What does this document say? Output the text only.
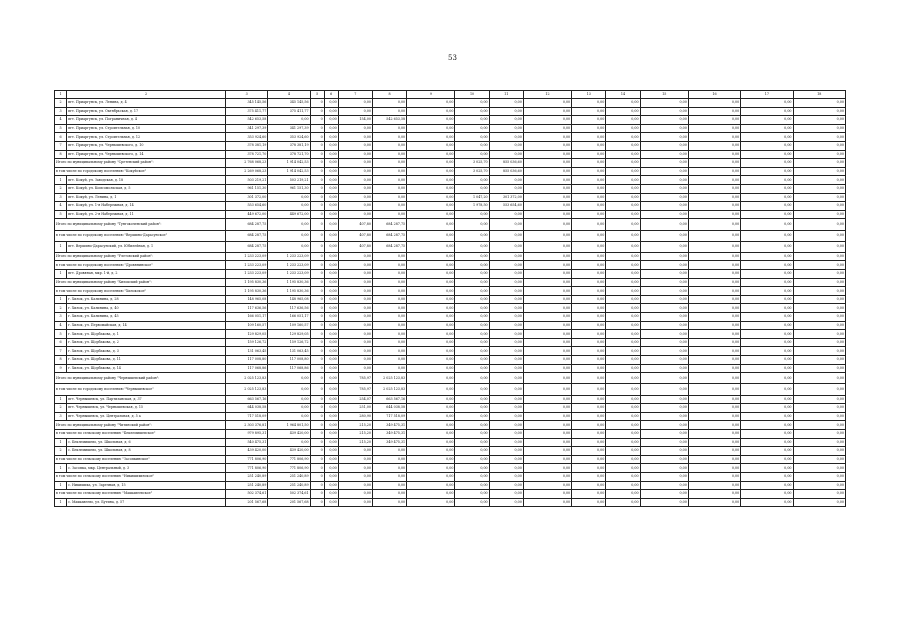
53
1	2	3	4	5	6	7	8	9	10	11	12	13	14	15	16	17	18
2	пгт. Приаргунск, ул. Ленина, д. 4	345 145,56	345 145,56	0	0,00	0,00	0,00	0,00	0,00	0,00	0,00	0,00	0,00	0,00	0,00	0,00	0,00
3	пгт. Приаргунск, ул. Октябрьская, д. 17	375 411,77	375 411,77	0	0,00	0,00	0,00	0,00	0,00	0,00	0,00	0,00	0,00	0,00	0,00	0,00	0,00
4	пгт. Приаргунск, ул. Пограничная, д. 4	542 653,58	0,00	0	0,00	154,00	542 653,58	0,00	0,00	0,00	0,00	0,00	0,00	0,00	0,00	0,00	0,00
5	пгт. Приаргунск, ул. Строительная, д. 10	341 297,39	341 297,39	0	0,00	0,00	0,00	0,00	0,00	0,00	0,00	0,00	0,00	0,00	0,00	0,00	0,00
6	пгт. Приаргунск, ул. Строительная, д. 12	353 924,60	353 924,60	0	0,00	0,00	0,00	0,00	0,00	0,00	0,00	0,00	0,00	0,00	0,00	0,00	0,00
7	пгт. Приаргунск, ул. Чернышевского, д. 10	378 381,19	378 381,19	0	0,00	0,00	0,00	0,00	0,00	0,00	0,00	0,00	0,00	0,00	0,00	0,00	0,00
8	пгт. Приаргунск, ул. Чернышевского, д. 14	378 721,70	378 721,70	0	0,00	0,00	0,00	0,00	0,00	0,00	0,00	0,00	0,00	0,00	0,00	0,00	0,00
Итого по муниципальному району "Сретенский район":		2 768 068,23	1 914 042,53	0	0,00	0,00	0,00	0,00	3 025,70	855 036,60	0,00	0,00	0,00	0,00	0,00	0,00	0,00
в том числе по городскому поселению "Кокуйское"		2 269 068,23	1 914 042,53	0	0,00	0,00	0,00	0,00	3 025,70	855 036,60	0,00	0,00	0,00	0,00	0,00	0,00	0,00
1	пгт. Кокуй, ул. Заводская, д. 18	503 219,21	503 219,21	0	0,00	0,00	0,00	0,00	0,00	0,00	0,00	0,00	0,00	0,00	0,00	0,00	0,00
2	пгт. Кокуй, ул. Комсомольская, д. 5	961 151,30	961 151,30	0	0,00	0,00	0,00	0,00	0,00	0,00	0,00	0,00	0,00	0,00	0,00	0,00	0,00
3	пгт. Кокуй, ул. Ленина, д. 1	301 372,00	0,00	0	0,00	0,00	0,00	0,00	1 047,20	301 372,00	0,00	0,00	0,00	0,00	0,00	0,00	0,00
4	пгт. Кокуй, ул. 1-я Набережная, д. 14	553 654,60	0,00	0	0,00	0,00	0,00	0,00	1 978,50	553 654,60	0,00	0,00	0,00	0,00	0,00	0,00	0,00
5	пгт. Кокуй, ул. 2-я Набережная, д. 11	449 672,00	449 672,00	0	0,00	0,00	0,00	0,00	0,00	0,00	0,00	0,00	0,00	0,00	0,00	0,00	0,00
Итого по муниципальному району "Тунгокоченский район":		684 287,75	0,00	0	0,00	407,80	684 287,75	0,00	0,00	0,00	0,00	0,00	0,00	0,00	0,00	0,00	0,00
в том числе по городскому поселению "Вершино-Дарасунское"		684 287,75	0,00	0	0,00	407,80	684 287,75	0,00	0,00	0,00	0,00	0,00	0,00	0,00	0,00	0,00	0,00
1	пгт. Вершино-Дарасунский, ул. Юбилейная, д. 1	684 287,75	0,00	0	0,00	407,80	684 287,75	0,00	0,00	0,00	0,00	0,00	0,00	0,00	0,00	0,00	0,00
Итого по муниципальному району "Улетовский район":		1 233 223,09	1 233 223,09	0	0,00	0,00	0,00	0,00	0,00	0,00	0,00	0,00	0,00	0,00	0,00	0,00	0,00
в том числе по городскому поселению "Дровянинское"		1 233 223,09	1 233 223,09	0	0,00	0,00	0,00	0,00	0,00	0,00	0,00	0,00	0,00	0,00	0,00	0,00	0,00
1	пгт. Дровяная, мкр. 1-й, д. 2	1 233 223,09	1 233 223,09	0	0,00	0,00	0,00	0,00	0,00	0,00	0,00	0,00	0,00	0,00	0,00	0,00	0,00
Итого по муниципальному району "Хилокский район":		1 195 830,36	1 195 830,36	0	0,00	0,00	0,00	0,00	0,00	0,00	0,00	0,00	0,00	0,00	0,00	0,00	0,00
в том числе по городскому поселению "Хилокское"		1 195 830,36	1 195 830,36	0	0,00	0,00	0,00	0,00	0,00	0,00	0,00	0,00	0,00	0,00	0,00	0,00	0,00
1	г. Хилок, ул. Калинина, д. 28	148 965,08	148 965,08	0	0,00	0,00	0,00	0,00	0,00	0,00	0,00	0,00	0,00	0,00	0,00	0,00	0,00
2	г. Хилок, ул. Калинина, д. 40	117 636,56	117 636,56	0	0,00	0,00	0,00	0,00	0,00	0,00	0,00	0,00	0,00	0,00	0,00	0,00	0,00
3	г. Хилок, ул. Калинина, д. 45	166 051,17	166 051,17	0	0,00	0,00	0,00	0,00	0,00	0,00	0,00	0,00	0,00	0,00	0,00	0,00	0,00
4	г. Хилок, ул. Первомайская, д. 14	109 160,57	109 160,57	0	0,00	0,00	0,00	0,00	0,00	0,00	0,00	0,00	0,00	0,00	0,00	0,00	0,00
5	г. Хилок, ул. Щорбакова, д. 1	129 829,05	129 829,05	0	0,00	0,00	0,00	0,00	0,00	0,00	0,00	0,00	0,00	0,00	0,00	0,00	0,00
6	г. Хилок, ул. Щорбакова, д. 2	159 126,72	159 126,72	0	0,00	0,00	0,00	0,00	0,00	0,00	0,00	0,00	0,00	0,00	0,00	0,00	0,00
7	г. Хилок, ул. Щорбакова, д. 3	131 063,45	131 063,45	0	0,00	0,00	0,00	0,00	0,00	0,00	0,00	0,00	0,00	0,00	0,00	0,00	0,00
8	г. Хилок, ул. Щорбакова, д. 11	117 008,80	117 008,80	0	0,00	0,00	0,00	0,00	0,00	0,00	0,00	0,00	0,00	0,00	0,00	0,00	0,00
9	г. Хилок, ул. Щорбакова, д. 14	117 068,86	117 068,86	0	0,00	0,00	0,00	0,00	0,00	0,00	0,00	0,00	0,00	0,00	0,00	0,00	0,00
Итого по муниципальному району "Чернышевский район":		2 025 123,83	0,00	0	0,00	785,97	2 025 123,83	0,00	0,00	0,00	0,00	0,00	0,00	0,00	0,00	0,00	0,00
в том числе по городскому поселению "Чернышевское"		2 025 123,83	0,00	0	0,00	785,97	2 025 123,83	0,00	0,00	0,00	0,00	0,00	0,00	0,00	0,00	0,00	0,00
1	пгт. Чернышевск, ул. Партизанская, д. 37	663 567,16	0,00	0	0,00	254,07	663 567,16	0,00	0,00	0,00	0,00	0,00	0,00	0,00	0,00	0,00	0,00
2	пгт. Чернышевск, ул. Чернышевская, д. 15	644 038,58	0,00	0	0,00	251,00	644 038,58	0,00	0,00	0,00	0,00	0,00	0,00	0,00	0,00	0,00	0,00
3	пгт. Чернышевск, ул. Центральная, д. 5 а	717 518,09	0,00	0	0,00	280,90	717 518,09	0,00	0,00	0,00	0,00	0,00	0,00	0,00	0,00	0,00	0,00
Итого по муниципальному району "Читинский район":		2 303 376,81	1 964 801,50	0	0,00	215,20	349 475,31	0,00	0,00	0,00	0,00	0,00	0,00	0,00	0,00	0,00	0,00
в том числе по сельскому поселению "Беклемишевское"		979 895,31	439 420,00	0	0,00	215,20	349 475,31	0,00	0,00	0,00	0,00	0,00	0,00	0,00	0,00	0,00	0,00
1	с. Беклемишево, ул. Школьная, д. 6	540 475,31	0,00	0	0,00	215,20	349 475,31	0,00	0,00	0,00	0,00	0,00	0,00	0,00	0,00	0,00	0,00
2	с. Беклемишево, ул. Школьная, д. 8	439 420,00	439 420,00	0	0,00	0,00	0,00	0,00	0,00	0,00	0,00	0,00	0,00	0,00	0,00	0,00	0,00
в том числе по сельскому поселению "Засопкинское"		771 806,90	771 806,90	0	0,00	0,00	0,00	0,00	0,00	0,00	0,00	0,00	0,00	0,00	0,00	0,00	0,00
1	с. Засопка, мкр. Центральный, д. 3	771 806,90	771 806,90	0	0,00	0,00	0,00	0,00	0,00	0,00	0,00	0,00	0,00	0,00	0,00	0,00	0,00
в том числе по сельскому поселению "Никишихинское"		251 240,89	251 240,89	0	0,00	0,00	0,00	0,00	0,00	0,00	0,00	0,00	0,00	0,00	0,00	0,00	0,00
1	с. Никишиха, ул. Заречная, д. 15	251 240,89	251 240,89	0	0,00	0,00	0,00	0,00	0,00	0,00	0,00	0,00	0,00	0,00	0,00	0,00	0,00
в том числе по сельскому поселению "Маккавеевское"		502 374,61	502 374,61	0	0,00	0,00	0,00	0,00	0,00	0,00	0,00	0,00	0,00	0,00	0,00	0,00	0,00
1	с. Маккавеево, ул. Бутина, д. 57	201 567,68	201 567,68	0	0,00	0,00	0,00	0,00	0,00	0,00	0,00	0,00	0,00	0,00	0,00	0,00	0,00
